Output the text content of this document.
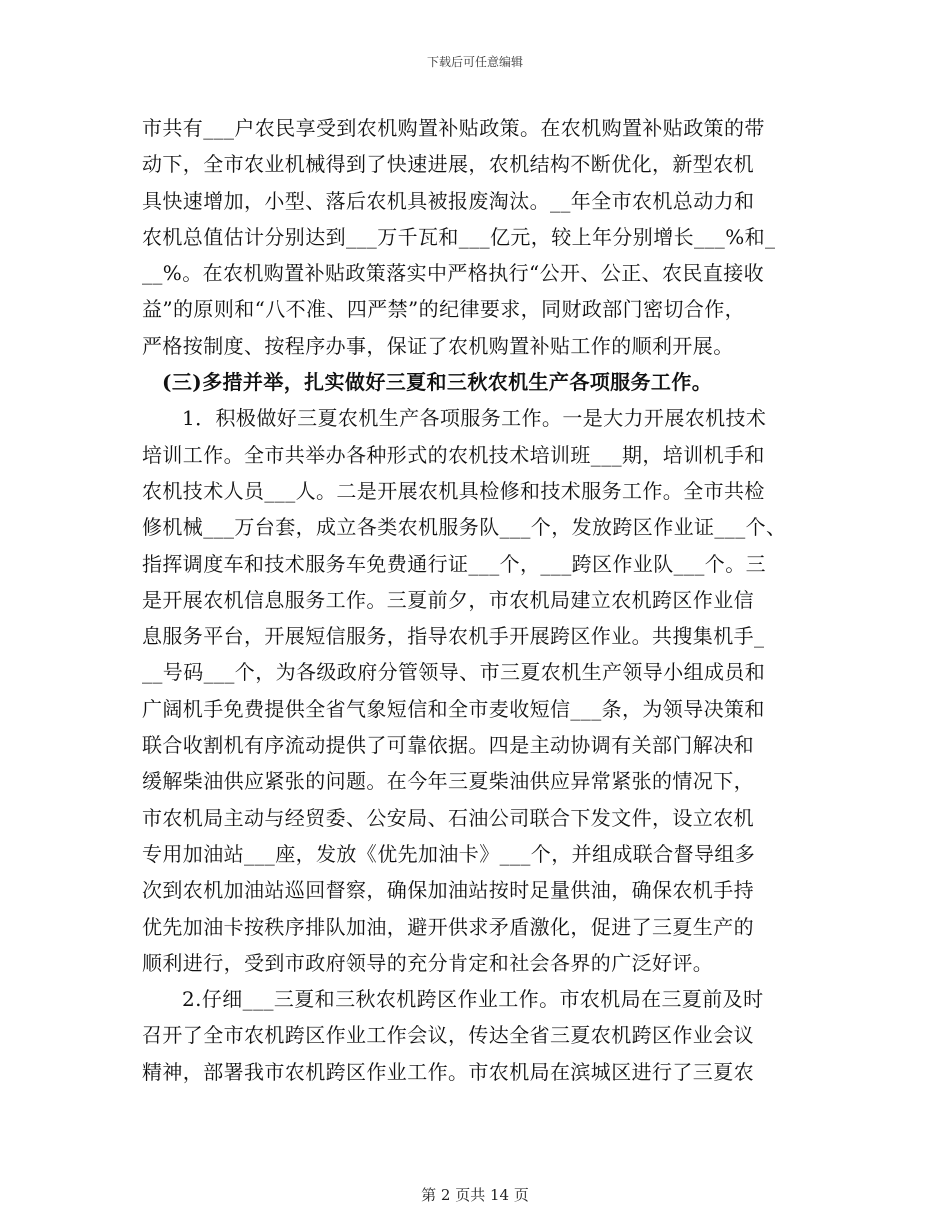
下载后可任意编辑
市共有___户农民享受到农机购置补贴政策。在农机购置补贴政策的带
动下，全市农业机械得到了快速进展，农机结构不断优化，新型农机
具快速增加，小型、落后农机具被报废淘汰。__年全市农机总动力和
农机总值估计分别达到___万千瓦和___亿元，较上年分别增长___%和_
__%。在农机购置补贴政策落实中严格执行“公开、公正、农民直接收
益”的原则和“八不准、四严禁”的纪律要求，同财政部门密切合作，
严格按制度、按程序办事，保证了农机购置补贴工作的顺利开展。
(三)多措并举，扎实做好三夏和三秋农机生产各项服务工作。
1．积极做好三夏农机生产各项服务工作。一是大力开展农机技术
培训工作。全市共举办各种形式的农机技术培训班___期，培训机手和
农机技术人员___人。二是开展农机具检修和技术服务工作。全市共检
修机械___万台套，成立各类农机服务队___个，发放跨区作业证___个、
指挥调度车和技术服务车免费通行证___个，___跨区作业队___个。三
是开展农机信息服务工作。三夏前夕，市农机局建立农机跨区作业信
息服务平台，开展短信服务，指导农机手开展跨区作业。共搜集机手_
__号码___个，为各级政府分管领导、市三夏农机生产领导小组成员和
广阔机手免费提供全省气象短信和全市麦收短信___条，为领导决策和
联合收割机有序流动提供了可靠依据。四是主动协调有关部门解决和
缓解柴油供应紧张的问题。在今年三夏柴油供应异常紧张的情况下，
市农机局主动与经贸委、公安局、石油公司联合下发文件，设立农机
专用加油站___座，发放《优先加油卡》___个，并组成联合督导组多
次到农机加油站巡回督察，确保加油站按时足量供油，确保农机手持
优先加油卡按秩序排队加油，避开供求矛盾激化，促进了三夏生产的
顺利进行，受到市政府领导的充分肯定和社会各界的广泛好评。
2.仔细___三夏和三秋农机跨区作业工作。市农机局在三夏前及时
召开了全市农机跨区作业工作会议，传达全省三夏农机跨区作业会议
精神，部署我市农机跨区作业工作。市农机局在滨城区进行了三夏农
第 2 页共 14 页
